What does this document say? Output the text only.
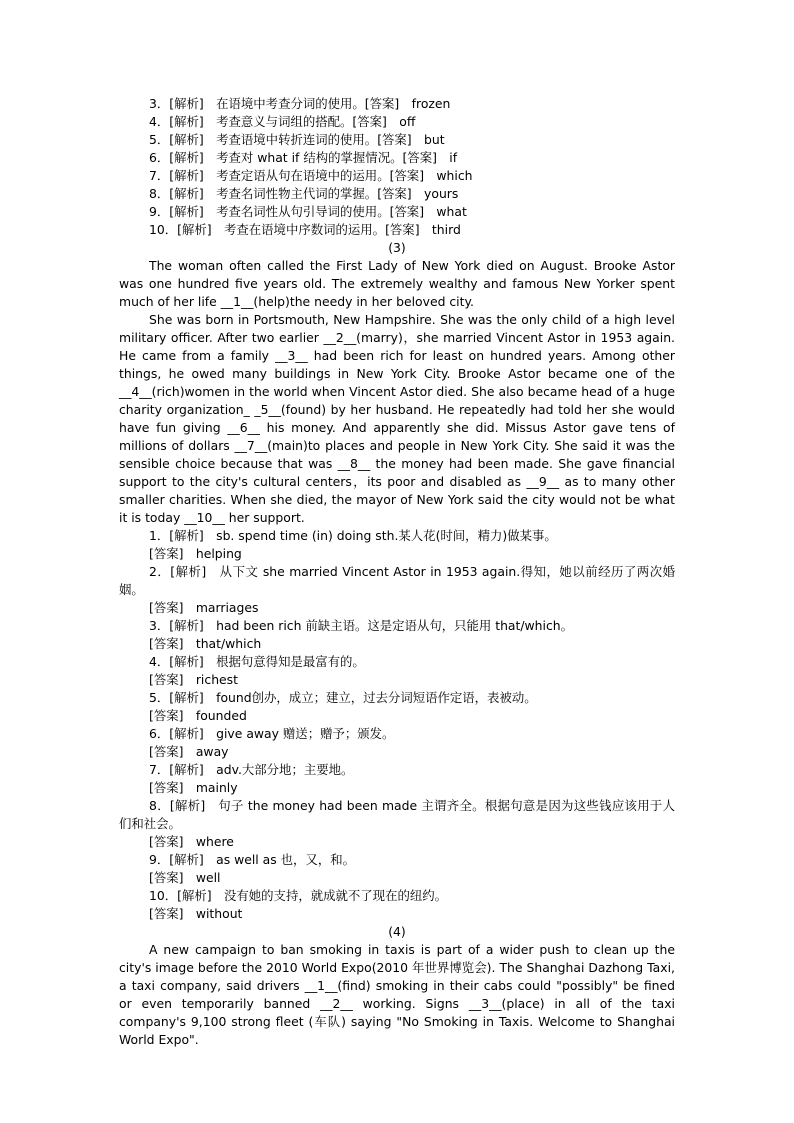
3．[解析]　在语境中考查分词的使用。[答案]　frozen
4．[解析]　考查意义与词组的搭配。[答案]　off
5．[解析]　考查语境中转折连词的使用。[答案]　but
6．[解析]　考查对 what if 结构的掌握情况。[答案]　if
7．[解析]　考查定语从句在语境中的运用。[答案]　which
8．[解析]　考查名词性物主代词的掌握。[答案]　yours
9．[解析]　考查名词性从句引导词的使用。[答案]　what
10．[解析]　考查在语境中序数词的运用。[答案]　third
(3)
The woman often called the First Lady of New York died on August. Brooke Astor was one hundred five years old. The extremely wealthy and famous New Yorker spent much of her life __1__(help)the needy in her beloved city.
She was born in Portsmouth, New Hampshire. She was the only child of a high level military officer. After two earlier __2__(marry)，she married Vincent Astor in 1953 again. He came from a family __3__ had been rich for least on hundred years. Among other things, he owed many buildings in New York City. Brooke Astor became one of the __4__(rich)women in the world when Vincent Astor died. She also became head of a huge charity organization_ _5__(found) by her husband. He repeatedly had told her she would have fun giving __6__ his money. And apparently she did. Missus Astor gave tens of millions of dollars __7__(main)to places and people in New York City. She said it was the sensible choice because that was __8__ the money had been made. She gave financial support to the city's cultural centers，its poor and disabled as __9__ as to many other smaller charities. When she died, the mayor of New York said the city would not be what it is today __10__ her support.
1．[解析]　sb. spend time (in) doing sth.某人花(时间，精力)做某事。
[答案]　helping
2．[解析]　从下文 she married Vincent Astor in 1953 again.得知，她以前经历了两次婚姻。
[答案]　marriages
3．[解析]　had been rich 前缺主语。这是定语从句，只能用 that/which。
[答案]　that/which
4．[解析]　根据句意得知是最富有的。
[答案]　richest
5．[解析]　found创办，成立；建立，过去分词短语作定语，表被动。
[答案]　founded
6．[解析]　give away 赠送；赠予；颁发。
[答案]　away
7．[解析]　adv.大部分地；主要地。
[答案]　mainly
8．[解析]　句子 the money had been made 主谓齐全。根据句意是因为这些钱应该用于人们和社会。
[答案]　where
9．[解析]　as well as 也，又，和。
[答案]　well
10．[解析]　没有她的支持，就成就不了现在的纽约。
[答案]　without
(4)
A new campaign to ban smoking in taxis is part of a wider push to clean up the city's image before the 2010 World Expo(2010 年世界博览会). The Shanghai Dazhong Taxi, a taxi company, said drivers __1__(find) smoking in their cabs could "possibly" be fined or even temporarily banned __2__ working. Signs __3__(place) in all of the taxi company's 9,100 strong fleet (车队) saying "No Smoking in Taxis. Welcome to Shanghai World Expo".
